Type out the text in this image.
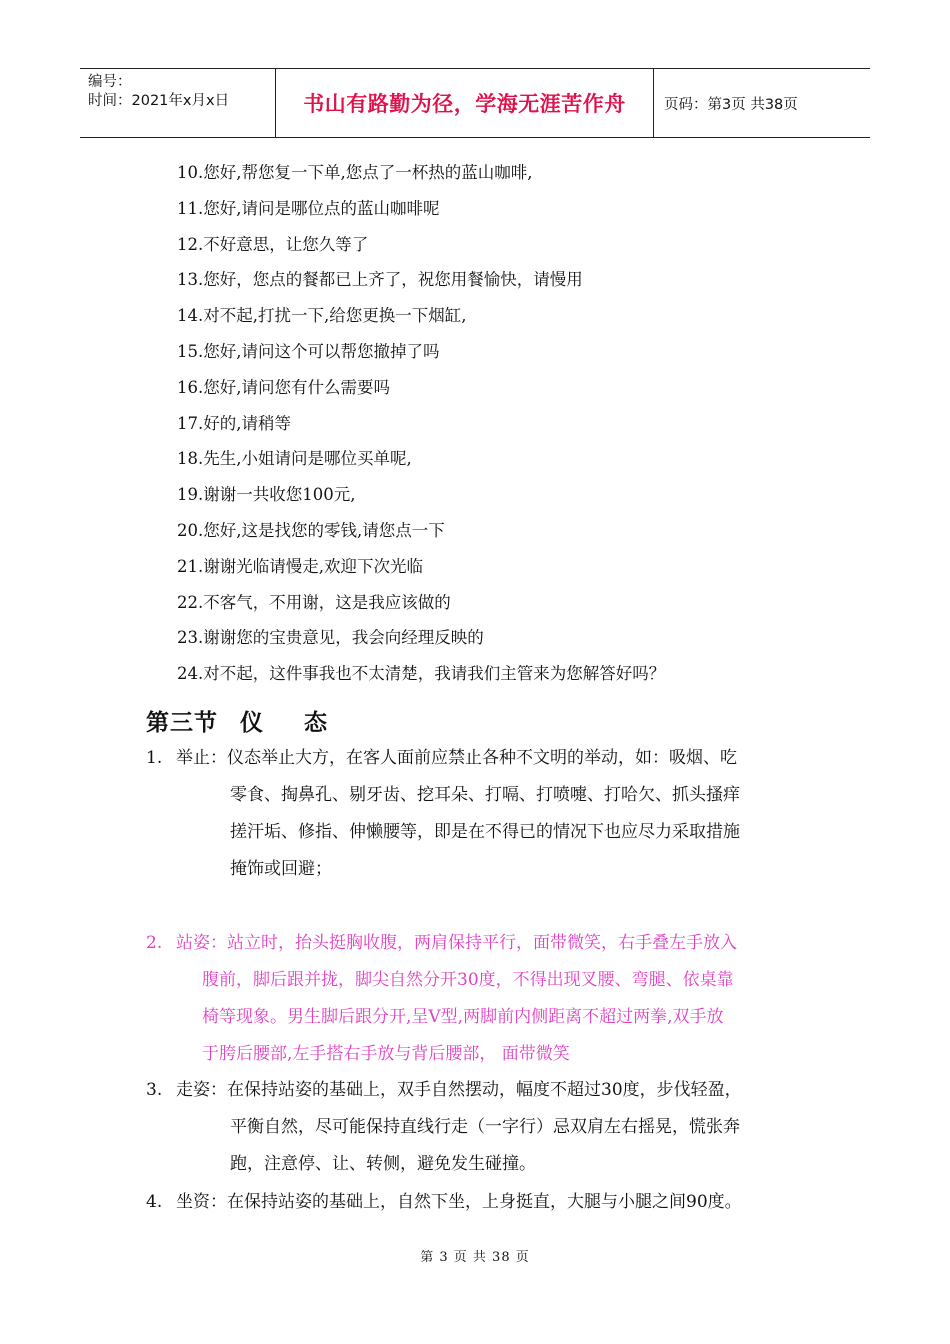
编号：
时间：2021年x月x日	书山有路勤为径，学海无涯苦作舟	页码：第3页 共38页
10.您好,帮您复一下单,您点了一杯热的蓝山咖啡,
11.您好,请问是哪位点的蓝山咖啡呢
12.不好意思，让您久等了
13.您好，您点的餐都已上齐了，祝您用餐愉快，请慢用
14.对不起,打扰一下,给您更换一下烟缸,
15.您好,请问这个可以帮您撤掉了吗
16.您好,请问您有什么需要吗
17.好的,请稍等
18.先生,小姐请问是哪位买单呢,
19.谢谢一共收您100元,
20.您好,这是找您的零钱,请您点一下
21.谢谢光临请慢走,欢迎下次光临
22.不客气，不用谢，这是我应该做的
23.谢谢您的宝贵意见，我会向经理反映的
24.对不起，这件事我也不太清楚，我请我们主管来为您解答好吗？
第三节 仪 态
1. 举止：仪态举止大方，在客人面前应禁止各种不文明的举动，如：吸烟、吃
零食、掏鼻孔、剔牙齿、挖耳朵、打嗝、打喷嚏、打哈欠、抓头搔痒
搓汗垢、修指、伸懒腰等，即是在不得已的情况下也应尽力采取措施
掩饰或回避；
2. 站姿：站立时，抬头挺胸收腹，两肩保持平行，面带微笑，右手叠左手放入
腹前，脚后跟并拢，脚尖自然分开30度，不得出现叉腰、弯腿、依桌靠
椅等现象。男生脚后跟分开,呈V型,两脚前内侧距离不超过两拳,双手放
于胯后腰部,左手搭右手放与背后腰部， 面带微笑
3. 走姿：在保持站姿的基础上，双手自然摆动，幅度不超过30度，步伐轻盈，
平衡自然，尽可能保持直线行走（一字行）忌双肩左右摇晃，慌张奔
跑，注意停、让、转侧，避免发生碰撞。
4. 坐资：在保持站姿的基础上，自然下坐，上身挺直，大腿与小腿之间90度。
第 3 页 共 38 页
